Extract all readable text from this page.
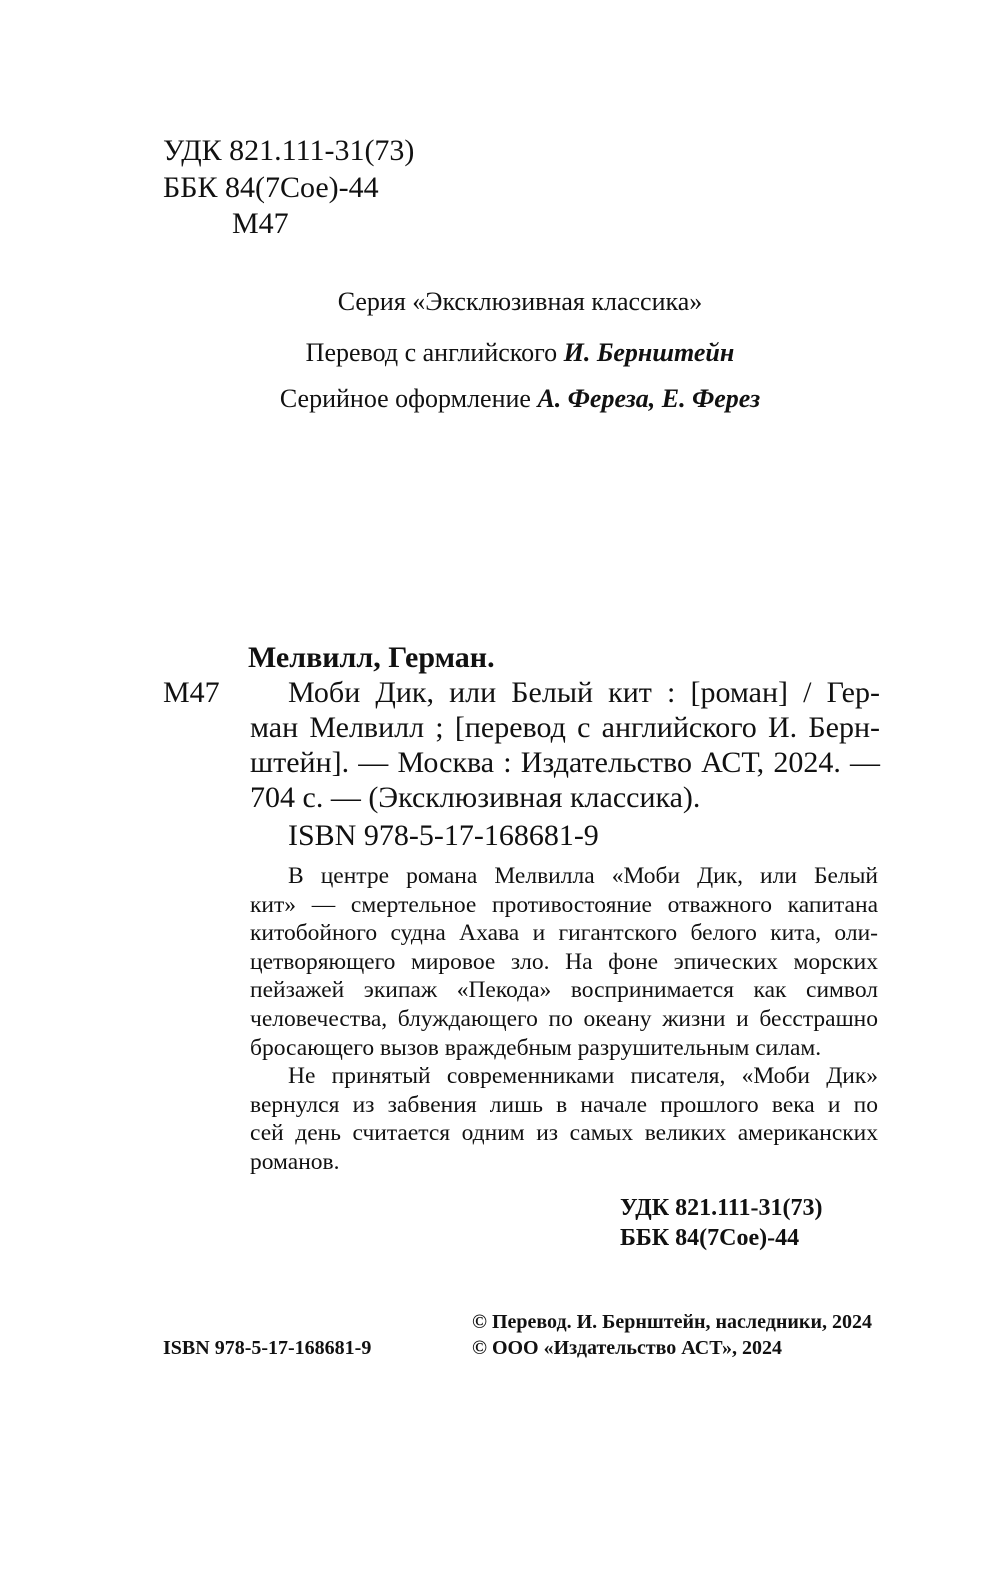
УДК 821.111-31(73)
ББК 84(7Сое)-44
М47
Серия «Эксклюзивная классика»
Перевод с английского И. Бернштейн
Серийное оформление А. Фереза, Е. Ферез
Мелвилл, Герман.
М47	Моби Дик, или Белый кит : [роман] / Гер-
ман Мелвилл ; [перевод с английского И. Берн-
штейн]. — Москва : Издательство АСТ, 2024. —
704 с. — (Эксклюзивная классика).
ISBN 978-5-17-168681-9
В центре романа Мелвилла «Моби Дик, или Белый
кит» — смертельное противостояние отважного капитана
китобойного судна Ахава и гигантского белого кита, оли-
цетворяющего мировое зло. На фоне эпических морских
пейзажей экипаж «Пекода» воспринимается как символ
человечества, блуждающего по океану жизни и бесстрашно
бросающего вызов враждебным разрушительным силам.
Не принятый современниками писателя, «Моби Дик»
вернулся из забвения лишь в начале прошлого века и по
сей день считается одним из самых великих американских
романов.
УДК 821.111-31(73)
ББК 84(7Сое)-44
© Перевод. И. Бернштейн, наследники, 2024
ISBN 978-5-17-168681-9	© ООО «Издательство АСТ», 2024
